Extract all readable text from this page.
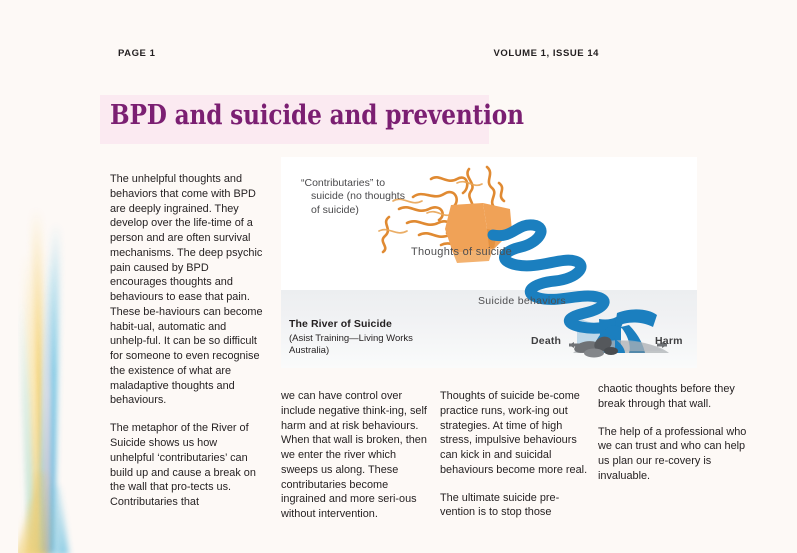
PAGE 1	VOLUME 1, ISSUE 14
BPD and suicide and prevention
“Contributaries” to
suicide (no thoughts
of suicide)
Thoughts of suicide
Suicide behaviors
Death	Harm
The River of Suicide
(Asist Training—Living Works Australia)

The unhelpful thoughts and behaviors that come with BPD are deeply ingrained. They develop over the life-time of a person and are often survival mechanisms. The deep psychic pain caused by BPD encourages thoughts and behaviours to ease that pain. These be-haviours can become habit-ual, automatic and unhelp-ful. It can be so difficult for someone to even recognise the existence of what are maladaptive thoughts and behaviours.

The metaphor of the River of Suicide shows us how unhelpful ‘contributaries’ can build up and cause a break on the wall that pro-tects us. Contributaries that

we can have control over include negative think-ing, self harm and at risk behaviours. When that wall is broken, then we enter the river which sweeps us along. These contributaries become ingrained and more seri-ous without intervention.

Thoughts of suicide be-come practice runs, work-ing out strategies. At time of high stress, impulsive behaviours can kick in and suicidal behaviours become more real.

The ultimate suicide pre-vention is to stop those

chaotic thoughts before they break through that wall.

The help of a professional who we can trust and who can help us plan our re-covery is invaluable.
